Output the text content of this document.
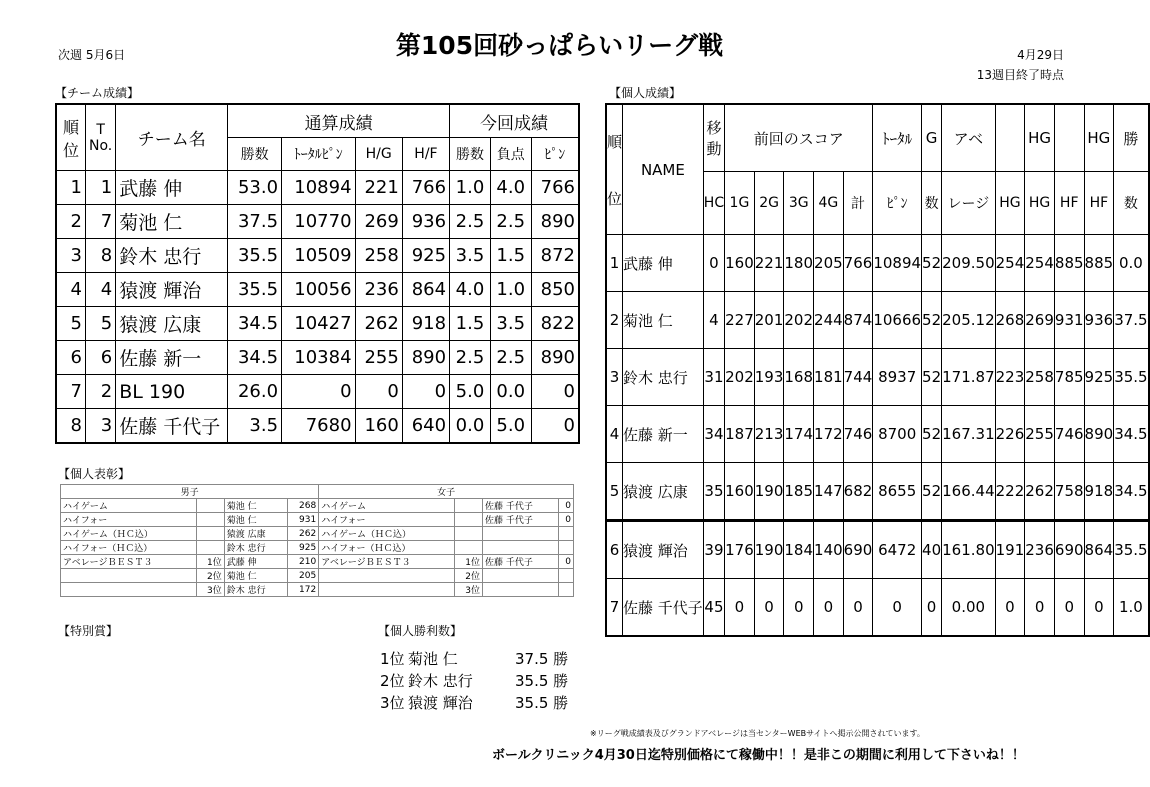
第105回砂っぱらいリーグ戦
次週 5月6日	4月29日
13週目終了時点
【チーム成績】	【個人成績】
順位	T No.	チーム名	通算成績				今回成績		
			勝数	ﾄｰﾀﾙﾋﾟﾝ	H/G	H/F	勝数	負点	ﾋﾟﾝ
1	1	武藤 伸	53.0	10894	221	766	1.0	4.0	766
2	7	菊池 仁	37.5	10770	269	936	2.5	2.5	890
3	8	鈴木 忠行	35.5	10509	258	925	3.5	1.5	872
4	4	猿渡 輝治	35.5	10056	236	864	4.0	1.0	850
5	5	猿渡 広康	34.5	10427	262	918	1.5	3.5	822
6	6	佐藤 新一	34.5	10384	255	890	2.5	2.5	890
7	2	BL 190	26.0	0	0	0	5.0	0.0	0
8	3	佐藤 千代子	3.5	7680	160	640	0.0	5.0	0
【個人表彰】
男子				女子			
ハイゲーム		菊池 仁	268	ハイゲーム		佐藤 千代子	0
ハイフォー		菊池 仁	931	ハイフォー		佐藤 千代子	0
ハイゲーム（ＨＣ込）		猿渡 広康	262	ハイゲーム（ＨＣ込）			
ハイフォー（ＨＣ込）		鈴木 忠行	925	ハイフォー（ＨＣ込）			
アベレージＢＥＳＴ３	1位	武藤 伸	210	アベレージＢＥＳＴ３	1位	佐藤 千代子	0
	2位	菊池 仁	205		2位		
	3位	鈴木 忠行	172		3位		
【特別賞】	【個人勝利数】
1位 菊池 仁	37.5 勝
2位 鈴木 忠行	35.5 勝
3位 猿渡 輝治	35.5 勝
順

位	NAME	移動	前回のスコア					ﾄｰﾀﾙ	G	アベ		HG		HG	勝
		HC	1G	2G	3G	4G	計	ﾋﾟﾝ	数	レージ	HG	HG	HF	HF	数
1	武藤 伸	0	160	221	180	205	766	10894	52	209.50	254	254	885	885	0.0
2	菊池 仁	4	227	201	202	244	874	10666	52	205.12	268	269	931	936	37.5
3	鈴木 忠行	31	202	193	168	181	744	8937	52	171.87	223	258	785	925	35.5
4	佐藤 新一	34	187	213	174	172	746	8700	52	167.31	226	255	746	890	34.5
5	猿渡 広康	35	160	190	185	147	682	8655	52	166.44	222	262	758	918	34.5
6	猿渡 輝治	39	176	190	184	140	690	6472	40	161.80	191	236	690	864	35.5
7	佐藤 千代子	45	0	0	0	0	0	0	0	0.00	0	0	0	0	1.0
※リーグ戦成績表及びグランドアベレージは当センターWEBサイトへ掲示公開されています。
ボールクリニック4月30日迄特別価格にて稼働中！！是非この期間に利用して下さいね！！
